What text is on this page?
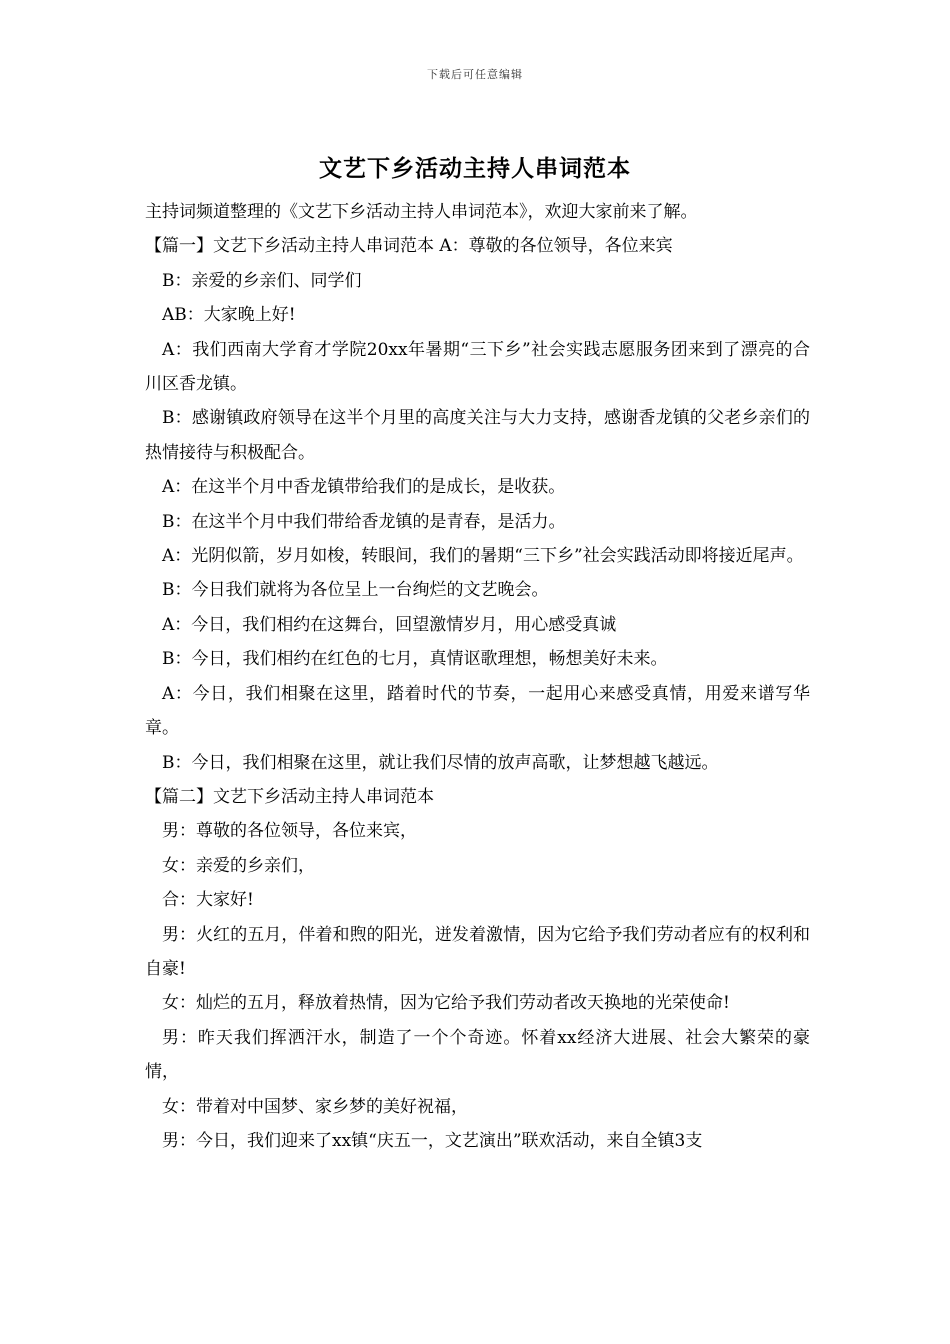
下载后可任意编辑
文艺下乡活动主持人串词范本

主持词频道整理的《文艺下乡活动主持人串词范本》，欢迎大家前来了解。

【篇一】文艺下乡活动主持人串词范本 A：尊敬的各位领导，各位来宾

B：亲爱的乡亲们、同学们

AB：大家晚上好!

A：我们西南大学育才学院20xx年暑期“三下乡”社会实践志愿服务团来到了漂亮的合川区香龙镇。

B：感谢镇政府领导在这半个月里的高度关注与大力支持，感谢香龙镇的父老乡亲们的热情接待与积极配合。

A：在这半个月中香龙镇带给我们的是成长，是收获。

B：在这半个月中我们带给香龙镇的是青春，是活力。

A：光阴似箭，岁月如梭，转眼间，我们的暑期“三下乡”社会实践活动即将接近尾声。

B：今日我们就将为各位呈上一台绚烂的文艺晚会。

A：今日，我们相约在这舞台，回望激情岁月，用心感受真诚

B：今日，我们相约在红色的七月，真情讴歌理想，畅想美好未来。

A：今日，我们相聚在这里，踏着时代的节奏，一起用心来感受真情，用爱来谱写华章。

B：今日，我们相聚在这里，就让我们尽情的放声高歌，让梦想越飞越远。

【篇二】文艺下乡活动主持人串词范本

男：尊敬的各位领导，各位来宾，

女：亲爱的乡亲们，

合：大家好!

男：火红的五月，伴着和煦的阳光，迸发着激情，因为它给予我们劳动者应有的权利和自豪!

女：灿烂的五月，释放着热情，因为它给予我们劳动者改天换地的光荣使命!

男：昨天我们挥洒汗水，制造了一个个奇迹。怀着xx经济大进展、社会大繁荣的豪情，

女：带着对中国梦、家乡梦的美好祝福，

男：今日，我们迎来了xx镇“庆五一，文艺演出”联欢活动，来自全镇3支
